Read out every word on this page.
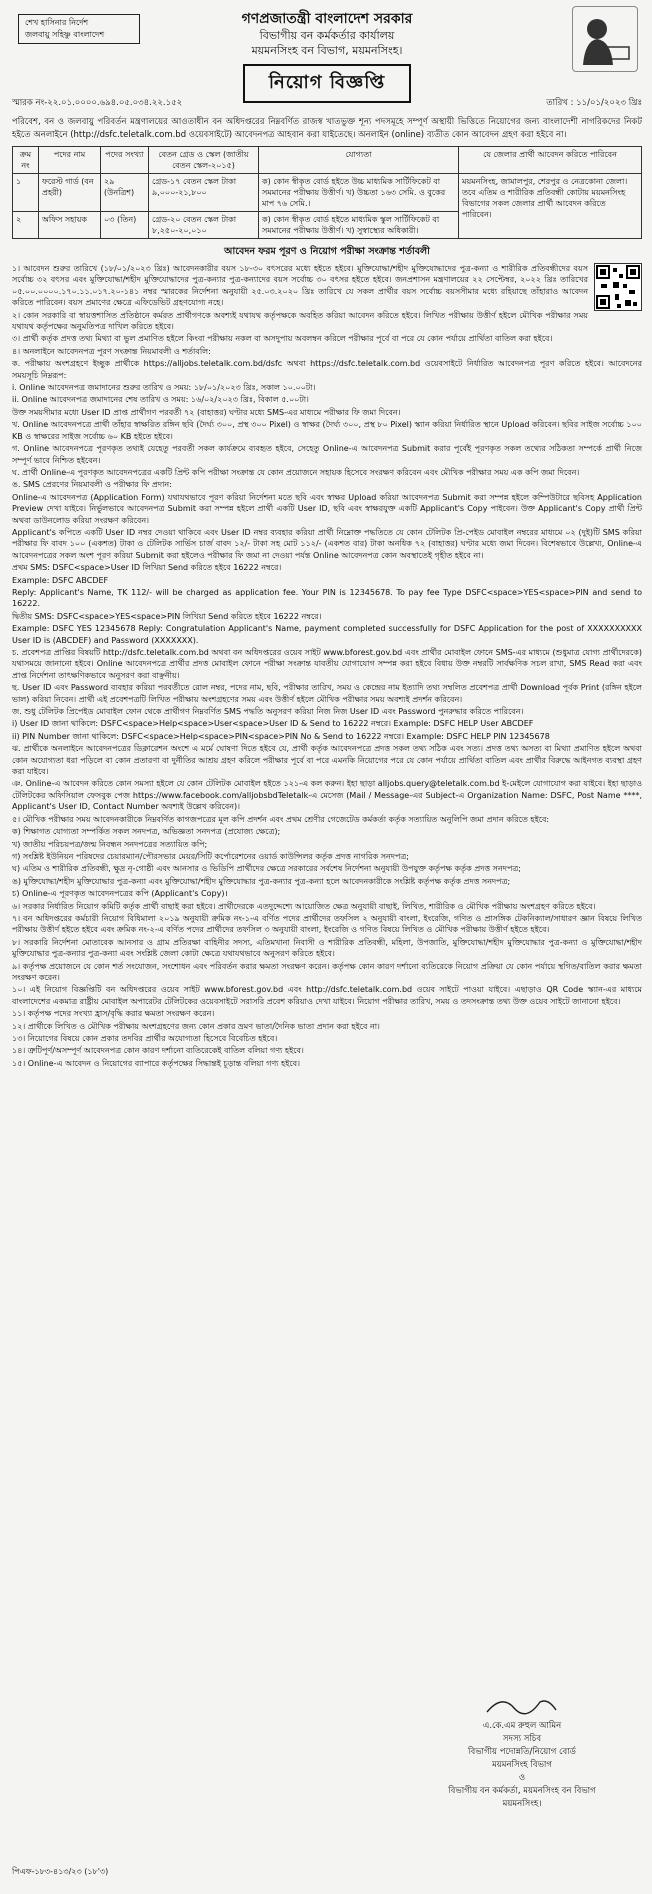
শেখ হাসিনার নির্দেশ
জলবায়ু সহিষ্ণু বাংলাদেশ
গণপ্রজাতন্ত্রী বাংলাদেশ সরকার
বিভাগীয় বন কর্মকর্তার কার্যালয়
ময়মনসিংহ বন বিভাগ, ময়মনসিংহ।
নিয়োগ বিজ্ঞপ্তি
স্মারক নং-২২.০১.০০০০.৬৯৪.০৫.০৩৪.২২.১৫২	তারিখ : ১১/০১/২০২৩ খ্রিঃ
পরিবেশ, বন ও জলবায়ু পরিবর্তন মন্ত্রণালয়ের আওতাধীন বন অধিদপ্তরের নিম্নবর্ণিত রাজস্ব খাতভুক্ত শূন্য পদসমূহে সম্পূর্ণ অস্থায়ী ভিত্তিতে নিয়োগের জন্য বাংলাদেশী নাগরিকদের নিকট হইতে অনলাইনে (http://dsfc.teletalk.com.bd ওয়েবসাইটে) আবেদনপত্র আহবান করা যাইতেছে। অনলাইন (online) ব্যতীত কোন আবেদন গ্রহণ করা হইবে না।
ক্রম নং	পদের নাম	পদের সংখ্যা	বেতন গ্রেড ও স্কেল (জাতীয় বেতন স্কেল-২০১৫)	যোগ্যতা	যে জেলার প্রার্থী আবেদন করিতে পারিবেন
১	ফরেস্ট গার্ড (বন প্রহরী)	২৯ (উনত্রিশ)	গ্রেড-১৭ বেতন স্কেল টাকা ৯,০০০-২১,৮০০	ক) কোন স্বীকৃত বোর্ড হইতে উচ্চ মাধ্যমিক সার্টিফিকেট বা সমমানের পরীক্ষায় উত্তীর্ণ। খ) উচ্চতা ১৬৩ সেমি. ও বুকের মাপ ৭৬ সেমি.।	ময়মনসিংহ, জামালপুর, শেরপুর ও নেত্রকোনা জেলা। তবে এতিম ও শারীরিক প্রতিবন্ধী কোটায় ময়মনসিংহ বিভাগের সকল জেলার প্রার্থী আবেদন করিতে পারিবেন।
২	অফিস সহায়ক	০৩ (তিন)	গ্রেড-২০ বেতন স্কেল টাকা ৮,২৫০-২০,০১০	ক) কোন স্বীকৃত বোর্ড হইতে মাধ্যমিক স্কুল সার্টিফিকেট বা সমমানের পরীক্ষায় উত্তীর্ণ। খ) সুস্বাস্থ্যের অধিকারী।	
আবেদন ফরম পূরণ ও নিয়োগ পরীক্ষা সংক্রান্ত শর্তাবলী

১। আবেদন শুরুর তারিখে (১৮/০১/২০২৩ খ্রিঃ) আবেদনকারীর বয়স ১৮-৩০ বৎসরের মধ্যে হইতে হইবে। মুক্তিযোদ্ধা/শহীদ মুক্তিযোদ্ধাদের পুত্র-কন্যা ও শারীরিক প্রতিবন্ধীদের বয়স সর্বোচ্চ ৩২ বৎসর এবং মুক্তিযোদ্ধা/শহীদ মুক্তিযোদ্ধাদের পুত্র-কন্যার পুত্র-কন্যাদের বয়স সর্বোচ্চ ৩০ বৎসর হইতে হইবে। জনপ্রশাসন মন্ত্রণালয়ের ২২ সেপ্টেম্বর, ২০২২ খ্রিঃ তারিখের ০৫.০০.০০০০.১৭০.১১.০১৭.২০-১৪১ নম্বর স্মারকের নির্দেশনা অনুযায়ী ২৫.০৩.২০২০ খ্রিঃ তারিখে যে সকল প্রার্থীর বয়স সর্বোচ্চ বয়সসীমার মধ্যে রহিয়াছে তাঁহারাও আবেদন করিতে পারিবেন। বয়স প্রমাণের ক্ষেত্রে এফিডেভিট গ্রহণযোগ্য নহে।

২। কোন সরকারি বা স্বায়ত্তশাসিত প্রতিষ্ঠানে কর্মরত প্রার্থীগণকে অবশ্যই যথাযথ কর্তৃপক্ষকে অবহিত করিয়া আবেদন করিতে হইবে। লিখিত পরীক্ষায় উত্তীর্ণ হইলে মৌখিক পরীক্ষার সময় যথাযথ কর্তৃপক্ষের অনুমতিপত্র দাখিল করিতে হইবে।

৩। প্রার্থী কর্তৃক প্রদত্ত তথ্য মিথ্যা বা ভুল প্রমাণিত হইলে কিংবা পরীক্ষায় নকল বা অসদুপায় অবলম্বন করিলে পরীক্ষার পূর্বে বা পরে যে কোন পর্যায়ে প্রার্থিতা বাতিল করা হইবে।

৪। অনলাইনে আবেদনপত্র পূরণ সংক্রান্ত নিয়মাবলী ও শর্তাবলি:

ক. পরীক্ষায় অংশগ্রহণে ইচ্ছুক প্রার্থীকে https://alljobs.teletalk.com.bd/dsfc অথবা https://dsfc.teletalk.com.bd ওয়েবসাইটে নির্ধারিত আবেদনপত্র পূরণ করিতে হইবে। আবেদনের সময়সূচি নিম্নরূপ:

i. Online আবেদনপত্র জমাদানের শুরুর তারিখ ও সময়: ১৮/০১/২০২৩ খ্রিঃ, সকাল ১০.০০টা।

ii. Online আবেদনপত্র জমাদানের শেষ তারিখ ও সময়: ১৬/০২/২০২৩ খ্রিঃ, বিকাল ৫.০০টা।

উক্ত সময়সীমার মধ্যে User ID প্রাপ্ত প্রার্থীগণ পরবর্তী ৭২ (বাহাত্তর) ঘণ্টার মধ্যে SMS-এর মাধ্যমে পরীক্ষার ফি জমা দিবেন।

খ. Online আবেদনপত্রে প্রার্থী তাঁহার স্বাক্ষরিত রঙ্গিন ছবি (দৈর্ঘ্য ৩০০, প্রস্থ ৩০০ Pixel) ও স্বাক্ষর (দৈর্ঘ্য ৩০০, প্রস্থ ৮০ Pixel) স্ক্যান করিয়া নির্ধারিত স্থানে Upload করিবেন। ছবির সাইজ সর্বোচ্চ ১০০ KB ও স্বাক্ষরের সাইজ সর্বোচ্চ ৬০ KB হইতে হইবে।

গ. Online আবেদনপত্রে পূরণকৃত তথ্যই যেহেতু পরবর্তী সকল কার্যক্রমে ব্যবহৃত হইবে, সেহেতু Online-এ আবেদনপত্র Submit করার পূর্বেই পূরণকৃত সকল তথ্যের সঠিকতা সম্পর্কে প্রার্থী নিজে সম্পূর্ণ ভাবে নিশ্চিত হইবেন।

ঘ. প্রার্থী Online-এ পূরণকৃত আবেদনপত্রের একটি প্রিন্ট কপি পরীক্ষা সংক্রান্ত যে কোন প্রয়োজনে সহায়ক হিসেবে সংরক্ষণ করিবেন এবং মৌখিক পরীক্ষার সময় এক কপি জমা দিবেন।

ঙ. SMS প্রেরণের নিয়মাবলী ও পরীক্ষার ফি প্রদান:

Online-এ আবেদনপত্র (Application Form) যথাযথভাবে পূরণ করিয়া নির্দেশনা মতে ছবি এবং স্বাক্ষর Upload করিয়া আবেদনপত্র Submit করা সম্পন্ন হইলে কম্পিউটারে ছবিসহ Application Preview দেখা যাইবে। নির্ভুলভাবে আবেদনপত্র Submit করা সম্পন্ন হইলে প্রার্থী একটি User ID, ছবি এবং স্বাক্ষরযুক্ত একটি Applicant's Copy পাইবেন। উক্ত Applicant's Copy প্রার্থী প্রিন্ট অথবা ডাউনলোড করিয়া সংরক্ষণ করিবেন।

Applicant's কপিতে একটি User ID নম্বর দেওয়া থাকিবে এবং User ID নম্বর ব্যবহার করিয়া প্রার্থী নিম্নোক্ত পদ্ধতিতে যে কোন টেলিটক প্রি-পেইড মোবাইল নম্বরের মাধ্যমে ০২ (দুই)টি SMS করিয়া পরীক্ষার ফি বাবদ ১০০ (একশত) টাকা ও টেলিটক সার্ভিস চার্জ বাবদ ১২/- টাকা সহ মোট ১১২/- (একশত বার) টাকা অনধিক ৭২ (বাহাত্তর) ঘণ্টার মধ্যে জমা দিবেন। বিশেষভাবে উল্লেখ্য, Online-এ আবেদনপত্রের সকল অংশ পূরণ করিয়া Submit করা হইলেও পরীক্ষার ফি জমা না দেওয়া পর্যন্ত Online আবেদনপত্র কোন অবস্থাতেই গৃহীত হইবে না।

প্রথম SMS: DSFC<space>User ID লিখিয়া Send করিতে হইবে 16222 নম্বরে।

Example: DSFC ABCDEF

Reply: Applicant's Name, TK 112/- will be charged as application fee. Your PIN is 12345678. To pay fee Type DSFC<space>YES<space>PIN and send to 16222.

দ্বিতীয় SMS: DSFC<space>YES<space>PIN লিখিয়া Send করিতে হইবে 16222 নম্বরে।

Example: DSFC YES 12345678 Reply: Congratulation Applicant's Name, payment completed successfully for DSFC Application for the post of XXXXXXXXXX User ID is (ABCDEF) and Password (XXXXXXX).

চ. প্রবেশপত্র প্রাপ্তির বিষয়টি http://dsfc.teletalk.com.bd অথবা বন অধিদপ্তরের ওয়েব সাইট www.bforest.gov.bd এবং প্রার্থীর মোবাইল ফোনে SMS-এর মাধ্যমে (শুধুমাত্র যোগ্য প্রার্থীদেরকে) যথাসময়ে জানানো হইবে। Online আবেদনপত্রে প্রার্থীর প্রদত্ত মোবাইল ফোনে পরীক্ষা সংক্রান্ত যাবতীয় যোগাযোগ সম্পন্ন করা হইবে বিধায় উক্ত নম্বরটি সার্বক্ষণিক সচল রাখা, SMS Read করা এবং প্রাপ্ত নির্দেশনা তাৎক্ষণিকভাবে অনুসরণ করা বাঞ্ছনীয়।

ছ. User ID এবং Password ব্যবহার করিয়া পরবর্তীতে রোল নম্বর, পদের নাম, ছবি, পরীক্ষার তারিখ, সময় ও কেন্দ্রের নাম ইত্যাদি তথ্য সম্বলিত প্রবেশপত্র প্রার্থী Download পূর্বক Print (রঙ্গিন হইলে ভাল) করিয়া নিবেন। প্রার্থী এই প্রবেশপত্রটি লিখিত পরীক্ষায় অংশগ্রহণের সময় এবং উত্তীর্ণ হইলে মৌখিক পরীক্ষার সময় অবশ্যই প্রদর্শন করিবেন।

জ. শুধু টেলিটক প্রিপেইড মোবাইল ফোন থেকে প্রার্থীগণ নিম্নবর্ণিত SMS পদ্ধতি অনুসরণ করিয়া নিজ নিজ User ID এবং Password পুনরুদ্ধার করিতে পারিবেন।

i) User ID জানা থাকিলে: DSFC<space>Help<space>User<space>User ID & Send to 16222 নম্বরে। Example: DSFC HELP User ABCDEF

ii) PIN Number জানা থাকিলে: DSFC<space>Help<space>PIN<space>PIN No & Send to 16222 নম্বরে। Example: DSFC HELP PIN 12345678

ঝ. প্রার্থীকে অনলাইনে আবেদনপত্রের ডিক্লারেশন অংশে এ মর্মে ঘোষণা দিতে হইবে যে, প্রার্থী কর্তৃক আবেদনপত্রে প্রদত্ত সকল তথ্য সঠিক এবং সত্য। প্রদত্ত তথ্য অসত্য বা মিথ্যা প্রমাণিত হইলে অথবা কোন অযোগ্যতা ধরা পড়িলে বা কোন প্রতারণা বা দুর্নীতির আশ্রয় গ্রহণ করিলে পরীক্ষার পূর্বে বা পরে এমনকি নিয়োগের পরে যে কোন পর্যায়ে প্রার্থিতা বাতিল এবং প্রার্থীর বিরুদ্ধে আইনগত ব্যবস্থা গ্রহণ করা যাইবে।

ঞ. Online-এ আবেদন করিতে কোন সমস্যা হইলে যে কোন টেলিটক মোবাইল হইতে ১২১-এ কল করুন। ইহা ছাড়া alljobs.query@teletalk.com.bd ই-মেইলে যোগাযোগ করা যাইবে। ইহা ছাড়াও টেলিটকের অফিসিয়াল ফেসবুক পেজ https://www.facebook.com/alljobsbdTeletalk-এ মেসেজ (Mail / Message-এর Subject-এ Organization Name: DSFC, Post Name ****, Applicant's User ID, Contact Number অবশ্যই উল্লেখ করিবেন)।

৫। মৌখিক পরীক্ষার সময় আবেদনকারীকে নিম্নবর্ণিত কাগজপত্রের মূল কপি প্রদর্শন এবং প্রথম শ্রেণীর গেজেটেড কর্মকর্তা কর্তৃক সত্যায়িত অনুলিপি জমা প্রদান করিতে হইবে:

ক) শিক্ষাগত যোগ্যতা সম্পর্কিত সকল সনদপত্র, অভিজ্ঞতা সনদপত্র (প্রযোজ্য ক্ষেত্রে);

খ) জাতীয় পরিচয়পত্র/জন্ম নিবন্ধন সনদপত্রের সত্যায়িত কপি;

গ) সংশ্লিষ্ট ইউনিয়ন পরিষদের চেয়ারম্যান/পৌরসভার মেয়র/সিটি কর্পোরেশনের ওয়ার্ড কাউন্সিলর কর্তৃক প্রদত্ত নাগরিক সনদপত্র;

ঘ) এতিম ও শারীরিক প্রতিবন্ধী, ক্ষুদ্র নৃ-গোষ্ঠী এবং আনসার ও ভিডিপি প্রার্থীদের ক্ষেত্রে সরকারের সর্বশেষ নির্দেশনা অনুযায়ী উপযুক্ত কর্তৃপক্ষ কর্তৃক প্রদত্ত সনদপত্র;

ঙ) মুক্তিযোদ্ধা/শহীদ মুক্তিযোদ্ধার পুত্র-কন্যা এবং মুক্তিযোদ্ধা/শহীদ মুক্তিযোদ্ধার পুত্র-কন্যার পুত্র-কন্যা হলে আবেদনকারীকে সংশ্লিষ্ট কর্তৃপক্ষ কর্তৃক প্রদত্ত সনদপত্র;

চ) Online-এ পূরণকৃত আবেদনপত্রের কপি (Applicant's Copy)।

৬। সরকার নির্ধারিত নিয়োগ কমিটি কর্তৃক প্রার্থী বাছাই করা হইবে। প্রার্থীদেরকে এতদুদ্দেশ্যে আয়োজিত ক্ষেত্র অনুযায়ী বাছাই, লিখিত, শারীরিক ও মৌখিক পরীক্ষায় অংশগ্রহণ করিতে হইবে।

৭। বন অধিদপ্তরের কর্মচারী নিয়োগ বিধিমালা ২০১৯ অনুযায়ী ক্রমিক নং-১-এ বর্ণিত পদের প্রার্থীদের তফসিল ২ অনুযায়ী বাংলা, ইংরেজি, গণিত ও প্রাসঙ্গিক টেকনিক্যাল/সাধারণ জ্ঞান বিষয়ে লিখিত পরীক্ষায় উত্তীর্ণ হইতে হইবে এবং ক্রমিক নং-২-এ বর্ণিত পদের প্রার্থীদের তফসিল ৩ অনুযায়ী বাংলা, ইংরেজি ও গণিত বিষয়ে লিখিত ও মৌখিক পরীক্ষায় উত্তীর্ণ হইতে হইবে।

৮। সরকারি নির্দেশনা মোতাবেক আনসার ও গ্রাম প্রতিরক্ষা বাহিনীর সদস্য, এতিমখানা নিবাসী ও শারীরিক প্রতিবন্ধী, মহিলা, উপজাতি, মুক্তিযোদ্ধা/শহীদ মুক্তিযোদ্ধার পুত্র-কন্যা ও মুক্তিযোদ্ধা/শহীদ মুক্তিযোদ্ধার পুত্র-কন্যার পুত্র-কন্যা এবং সংশ্লিষ্ট জেলা কোটা ক্ষেত্রে যথাযথভাবে অনুসরণ করিতে হইবে।

৯। কর্তৃপক্ষ প্রয়োজনে যে কোন শর্ত সংযোজন, সংশোধন এবং পরিবর্তন করার ক্ষমতা সংরক্ষণ করেন। কর্তৃপক্ষ কোন কারণ দর্শানো ব্যতিরেকে নিয়োগ প্রক্রিয়া যে কোন পর্যায়ে স্থগিত/বাতিল করার ক্ষমতা সংরক্ষণ করেন।

১০। এই নিয়োগ বিজ্ঞপ্তিটি বন অধিদপ্তরের ওয়েব সাইট www.bforest.gov.bd এবং http://dsfc.teletalk.com.bd ওয়েব সাইটে পাওয়া যাইবে। এছাড়াও QR Code স্ক্যান-এর মাধ্যমে বাংলাদেশের একমাত্র রাষ্ট্রীয় মোবাইল অপারেটর টেলিটকের ওয়েবসাইটে সরাসরি প্রবেশ করিয়াও দেখা যাইবে। নিয়োগ পরীক্ষার তারিখ, সময় ও তদসংক্রান্ত তথ্য উক্ত ওয়েব সাইটে জানানো হইবে।

১১। কর্তৃপক্ষ পদের সংখ্যা হ্রাস/বৃদ্ধি করার ক্ষমতা সংরক্ষণ করেন।

১২। প্রার্থীকে লিখিত ও মৌখিক পরীক্ষায় অংশগ্রহণের জন্য কোন প্রকার ভ্রমণ ভাতা/দৈনিক ভাতা প্রদান করা হইবে না।

১৩। নিয়োগের বিষয়ে কোন প্রকার তদবির প্রার্থীর অযোগ্যতা হিসেবে বিবেচিত হইবে।

১৪। ত্রুটিপূর্ণ/অসম্পূর্ণ আবেদনপত্র কোন কারণ দর্শানো ব্যতিরেকেই বাতিল বলিয়া গণ্য হইবে।

১৫। Online-এ আবেদন ও নিয়োগের ব্যাপারে কর্তৃপক্ষের সিদ্ধান্তই চূড়ান্ত বলিয়া গণ্য হইবে।

এ.কে.এম রুহুল আমিন
সদস্য সচিব
বিভাগীয় পদোন্নতি/নিয়োগ বোর্ড
ময়মনসিংহ বিভাগ
ও
বিভাগীয় বন কর্মকর্তা, ময়মনসিংহ বন বিভাগ
ময়মনসিংহ।
পিএফ-১৮৩-৪১৩/২৩ (১৮'৩)
